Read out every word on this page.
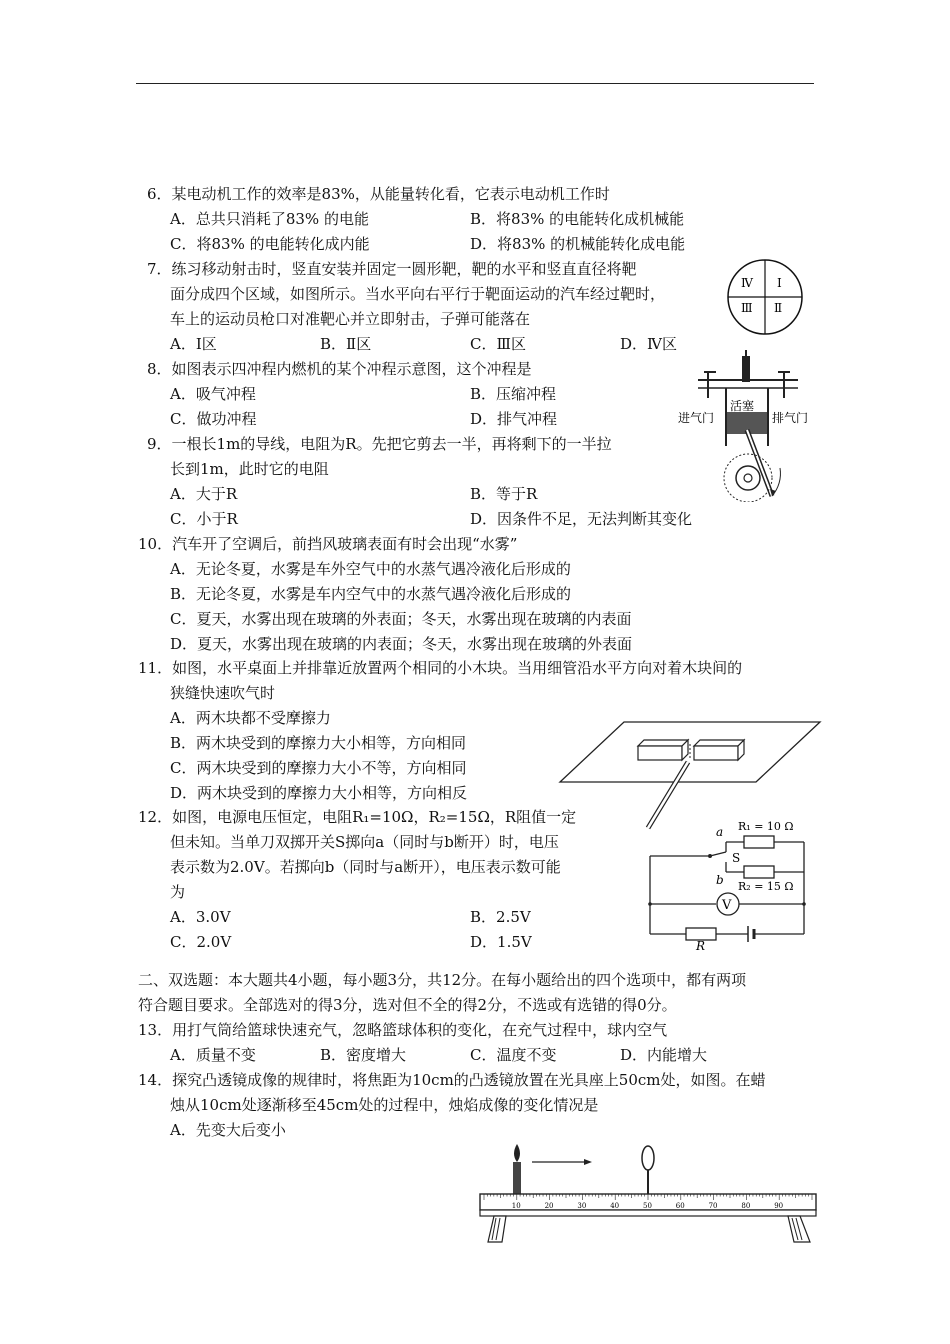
6．某电动机工作的效率是83%，从能量转化看，它表示电动机工作时
A．总共只消耗了83% 的电能	B．将83% 的电能转化成机械能
C．将83% 的电能转化成内能	D．将83% 的机械能转化成电能
7．练习移动射击时，竖直安装并固定一圆形靶，靶的水平和竖直直径将靶
面分成四个区域，如图所示。当水平向右平行于靶面运动的汽车经过靶时，
车上的运动员枪口对准靶心并立即射击，子弹可能落在
A．Ⅰ区	B．Ⅱ区	C．Ⅲ区	D．Ⅳ区
Ⅰ
Ⅱ
Ⅲ
Ⅳ
8．如图表示四冲程内燃机的某个冲程示意图，这个冲程是
A．吸气冲程	B．压缩冲程
C．做功冲程	D．排气冲程
活塞
进气门	排气门
9．一根长1m的导线，电阻为R。先把它剪去一半，再将剩下的一半拉
长到1m，此时它的电阻
A．大于R	B．等于R
C．小于R	D．因条件不足，无法判断其变化
10．汽车开了空调后，前挡风玻璃表面有时会出现“水雾”
A．无论冬夏，水雾是车外空气中的水蒸气遇冷液化后形成的
B．无论冬夏，水雾是车内空气中的水蒸气遇冷液化后形成的
C．夏天，水雾出现在玻璃的外表面；冬天，水雾出现在玻璃的内表面
D．夏天，水雾出现在玻璃的内表面；冬天，水雾出现在玻璃的外表面
11．如图，水平桌面上并排靠近放置两个相同的小木块。当用细管沿水平方向对着木块间的
狭缝快速吹气时
A．两木块都不受摩擦力
B．两木块受到的摩擦力大小相等，方向相同
C．两木块受到的摩擦力大小不等，方向相同
D．两木块受到的摩擦力大小相等，方向相反
12．如图，电源电压恒定，电阻R₁=10Ω，R₂=15Ω，R阻值一定
但未知。当单刀双掷开关S掷向a（同时与b断开）时，电压
表示数为2.0V。若掷向b（同时与a断开），电压表示数可能
为
A．3.0V	B．2.5V
C．2.0V	D．1.5V
V
a
b
S
R₁ = 10 Ω
R₂ = 15 Ω
R
二、双选题：本大题共4小题，每小题3分，共12分。在每小题给出的四个选项中，都有两项
符合题目要求。全部选对的得3分，选对但不全的得2分，不选或有选错的得0分。
13．用打气筒给篮球快速充气，忽略篮球体积的变化，在充气过程中，球内空气
A．质量不变	B．密度增大	C．温度不变	D．内能增大
14．探究凸透镜成像的规律时，将焦距为10cm的凸透镜放置在光具座上50cm处，如图。在蜡
烛从10cm处逐渐移至45cm处的过程中，烛焰成像的变化情况是
A．先变大后变小
10	20	30	40	50	60	70	80	90
